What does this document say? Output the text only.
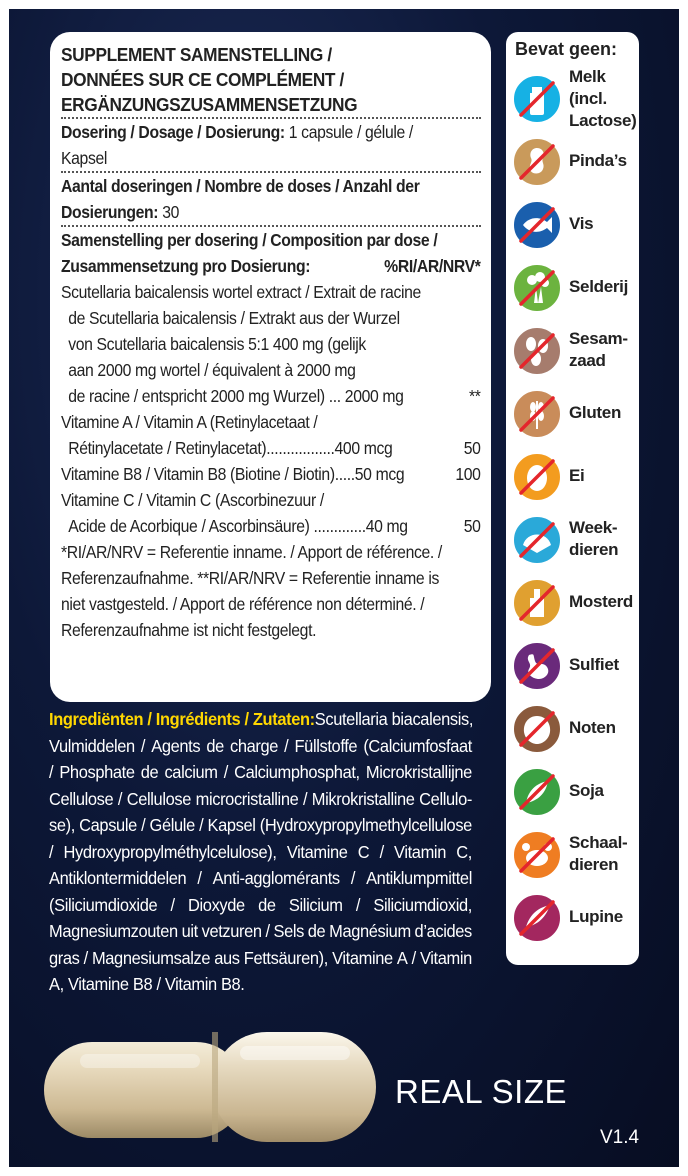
SUPPLEMENT SAMENSTELLING /
DONNÉES SUR CE COMPLÉMENT /
ERGÄNZUNGSZUSAMMENSETZUNG
Dosering / Dosage / Dosierung: 1 capsule / gélule /
Kapsel
Aantal doseringen / Nombre de doses / Anzahl der
Dosierungen: 30
Samenstelling per dosering / Composition par dose /
Zusammensetzung pro Dosierung:	%RI/AR/NRV*
Scutellaria baicalensis wortel extract / Extrait de racine
de Scutellaria baicalensis / Extrakt aus der Wurzel
von Scutellaria baicalensis 5:1 400 mg (gelijk
aan 2000 mg wortel / équivalent à 2000 mg
de racine / entspricht 2000 mg Wurzel) ... 2000 mg	**
Vitamine A / Vitamin A (Retinylacetaat /
Rétinylacetate / Retinylacetat).................400 mcg	50
Vitamine B8 / Vitamin B8 (Biotine / Biotin).....50 mcg	100
Vitamine C / Vitamin C (Ascorbinezuur /
Acide de Acorbique / Ascorbinsäure) .............40 mg	50
*RI/AR/NRV = Referentie inname. / Apport de référence. /
Referenzaufnahme. **RI/AR/NRV = Referentie inname is
niet vastgesteld. / Apport de référence non déterminé. /
Referenzaufnahme ist nicht festgelegt.
Ingrediënten / Ingrédients / Zutaten: Scutellaria biacalensis,
Vulmiddelen / Agents de charge / Füllstoffe (Calciumfosfaat
/ Phosphate de calcium / Calciumphosphat, Microkristallijne
Cellulose / Cellulose microcristalline / Mikrokristalline Cellulo-
se), Capsule / Gélule / Kapsel (Hydroxypropylmethylcellulose
/ Hydroxypropylméthylcelulose), Vitamine C / Vitamin C,
Antiklontermiddelen / Anti-agglomérants / Antiklumpmittel
(Siliciumdioxide / Dioxyde de Silicium / Siliciumdioxid,
Magnesiumzouten uit vetzuren / Sels de Magnésium d’acides
gras / Magnesiumsalze aus Fettsäuren), Vitamine A / Vitamin
A, Vitamine B8 / Vitamin B8.
Bevat geen:
Melk
(incl.
Lactose)
Pinda’s
Vis
Selderij
Sesam-
zaad
Gluten
Ei
Week-
dieren
Mosterd
Sulfiet
Noten
Soja
Schaal-
dieren
Lupine
REAL SIZE
V1.4
